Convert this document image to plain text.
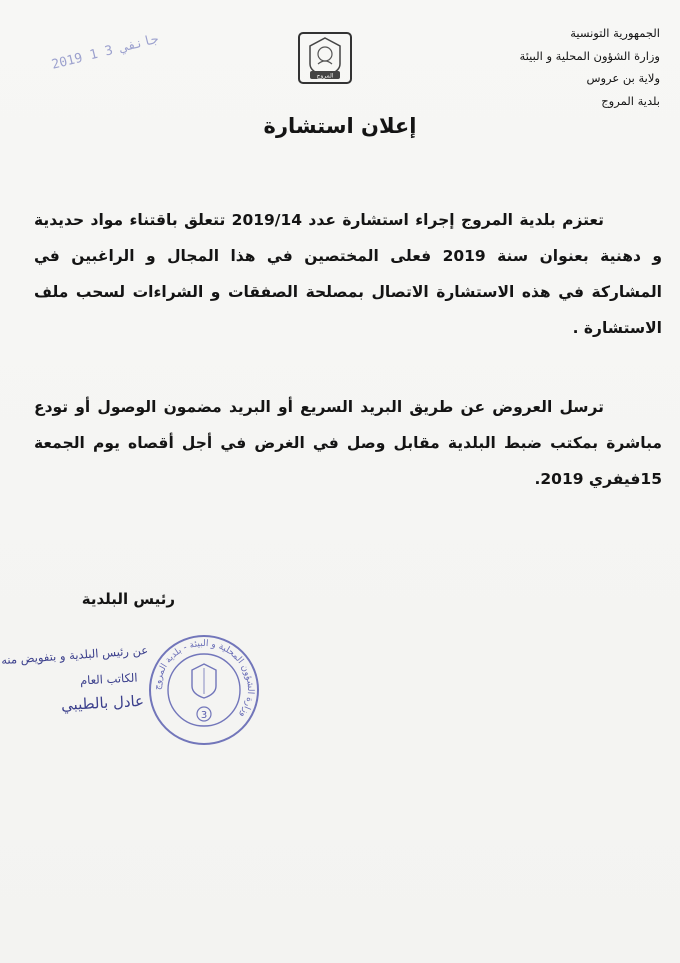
الجمهورية التونسية
وزارة الشؤون المحلية و البيئة
ولاية بن عروس
بلدية المروج
المروج
2019 جانفي 3 1
إعلان استشارة
تعتزم بلدية المروج إجراء استشارة عدد 2019/14 تتعلق باقتناء مواد حديدية
و دهنية بعنوان سنة 2019 فعلى المختصين في هذا المجال و الراغبين في
المشاركة في هذه الاستشارة الاتصال بمصلحة الصفقات و الشراءات لسحب ملف
الاستشارة .
ترسل العروض عن طريق البريد السريع أو البريد مضمون الوصول أو تودع
مباشرة بمكتب ضبط البلدية مقابل وصل في الغرض في أجل أقصاه يوم الجمعة
15فيفري 2019.
رئيس البلدية
عن رئيس البلدية و بتفويض منه
الكاتب العام
عادل بالطيبي
وزارة الشؤون المحلية و البيئة - بلدية المروج
3
